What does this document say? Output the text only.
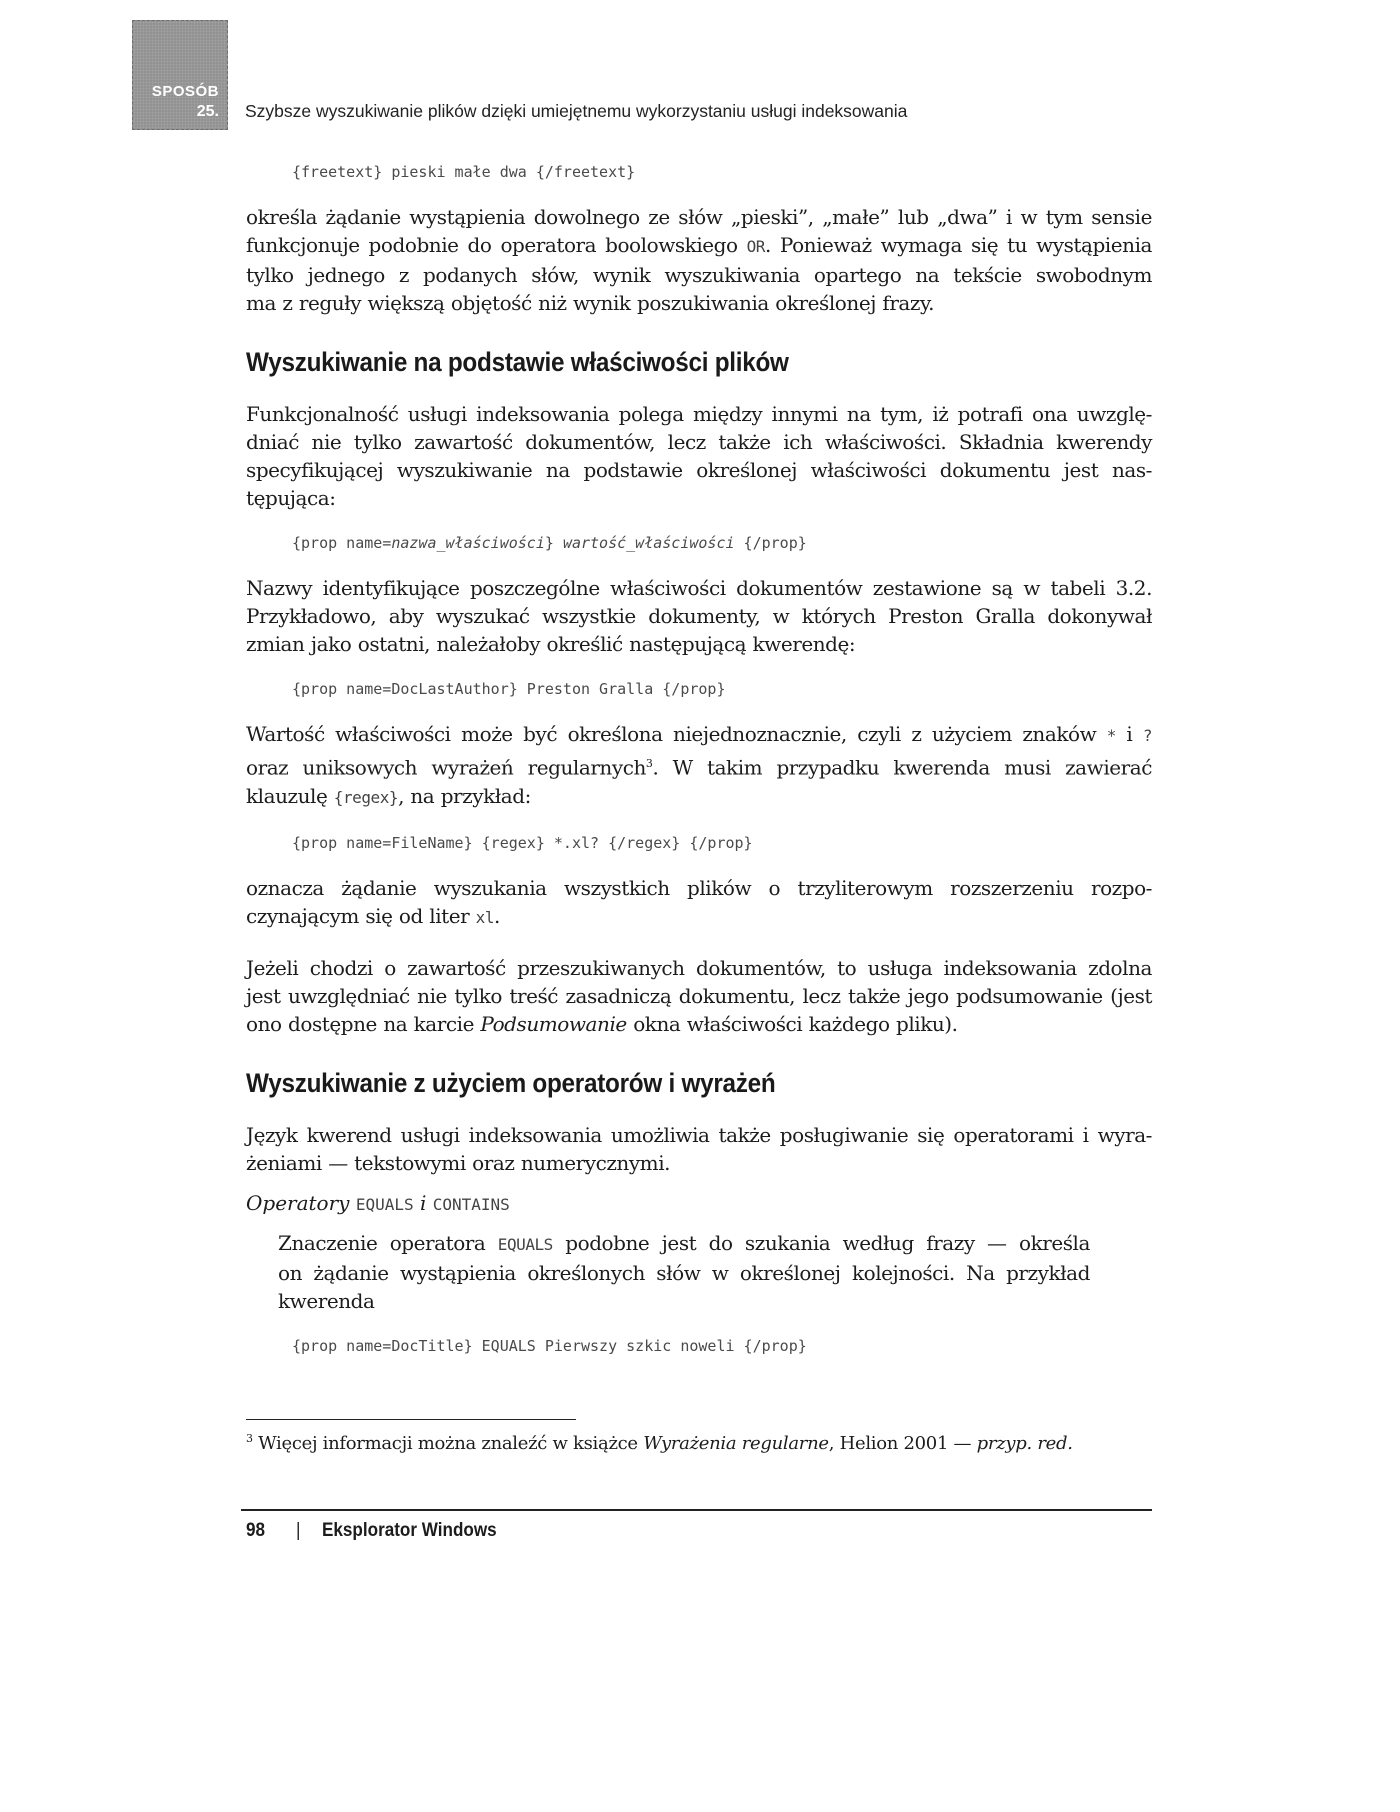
SPOSÓB
25. Szybsze wyszukiwanie plików dzięki umiejętnemu wykorzystaniu usługi indeksowania
{freetext} pieski małe dwa {/freetext}
określa żądanie wystąpienia dowolnego ze słów „pieski”, „małe” lub „dwa” i w tym sensie
funkcjonuje podobnie do operatora boolowskiego OR. Ponieważ wymaga się tu wystąpienia
tylko jednego z podanych słów, wynik wyszukiwania opartego na tekście swobodnym
ma z reguły większą objętość niż wynik poszukiwania określonej frazy.
Wyszukiwanie na podstawie właściwości plików
Funkcjonalność usługi indeksowania polega między innymi na tym, iż potrafi ona uwzglę-
dniać nie tylko zawartość dokumentów, lecz także ich właściwości. Składnia kwerendy
specyfikującej wyszukiwanie na podstawie określonej właściwości dokumentu jest nas-
tępująca:
{prop name=nazwa_właściwości} wartość_właściwości {/prop}
Nazwy identyfikujące poszczególne właściwości dokumentów zestawione są w tabeli 3.2.
Przykładowo, aby wyszukać wszystkie dokumenty, w których Preston Gralla dokonywał
zmian jako ostatni, należałoby określić następującą kwerendę:
{prop name=DocLastAuthor} Preston Gralla {/prop}
Wartość właściwości może być określona niejednoznacznie, czyli z użyciem znaków * i ?
oraz uniksowych wyrażeń regularnych$^3$. W takim przypadku kwerenda musi zawierać
klauzulę {regex}, na przykład:
{prop name=FileName} {regex} *.xl? {/regex} {/prop}
oznacza żądanie wyszukania wszystkich plików o trzyliterowym rozszerzeniu rozpo-
czynającym się od liter xl.
Jeżeli chodzi o zawartość przeszukiwanych dokumentów, to usługa indeksowania zdolna
jest uwzględniać nie tylko treść zasadniczą dokumentu, lecz także jego podsumowanie (jest
ono dostępne na karcie Podsumowanie okna właściwości każdego pliku).
Wyszukiwanie z użyciem operatorów i wyrażeń
Język kwerend usługi indeksowania umożliwia także posługiwanie się operatorami i wyra-
żeniami — tekstowymi oraz numerycznymi.
Operatory EQUALS i CONTAINS
Znaczenie operatora EQUALS podobne jest do szukania według frazy — określa
on żądanie wystąpienia określonych słów w określonej kolejności. Na przykład
kwerenda
{prop name=DocTitle} EQUALS Pierwszy szkic noweli {/prop}
$^3$ Więcej informacji można znaleźć w książce Wyrażenia regularne, Helion 2001 — przyp. red.
98 | Eksplorator Windows
